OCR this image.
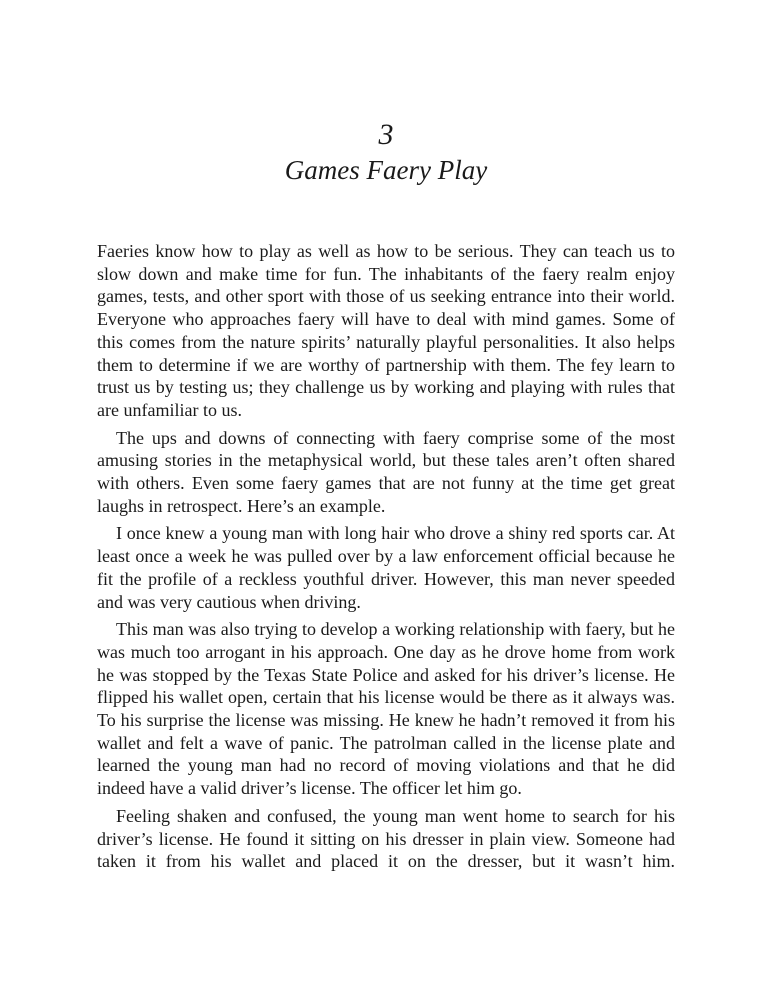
3
Games Faery Play

Faeries know how to play as well as how to be serious. They can teach us to slow down and make time for fun. The inhabitants of the faery realm enjoy games, tests, and other sport with those of us seeking entrance into their world. Everyone who approaches faery will have to deal with mind games. Some of this comes from the nature spirits’ naturally playful personalities. It also helps them to determine if we are worthy of partnership with them. The fey learn to trust us by testing us; they challenge us by working and playing with rules that are unfamiliar to us.

The ups and downs of connecting with faery comprise some of the most amusing stories in the metaphysical world, but these tales aren’t often shared with others. Even some faery games that are not funny at the time get great laughs in retrospect. Here’s an example.

I once knew a young man with long hair who drove a shiny red sports car. At least once a week he was pulled over by a law enforcement official because he fit the profile of a reckless youthful driver. However, this man never speeded and was very cautious when driving.

This man was also trying to develop a working relationship with faery, but he was much too arrogant in his approach. One day as he drove home from work he was stopped by the Texas State Police and asked for his driver’s license. He flipped his wallet open, certain that his license would be there as it always was. To his surprise the license was missing. He knew he hadn’t removed it from his wallet and felt a wave of panic. The patrolman called in the license plate and learned the young man had no record of moving violations and that he did indeed have a valid driver’s license. The officer let him go.

Feeling shaken and confused, the young man went home to search for his driver’s license. He found it sitting on his dresser in plain view. Someone had taken it from his wallet and placed it on the dresser, but it wasn’t him.
